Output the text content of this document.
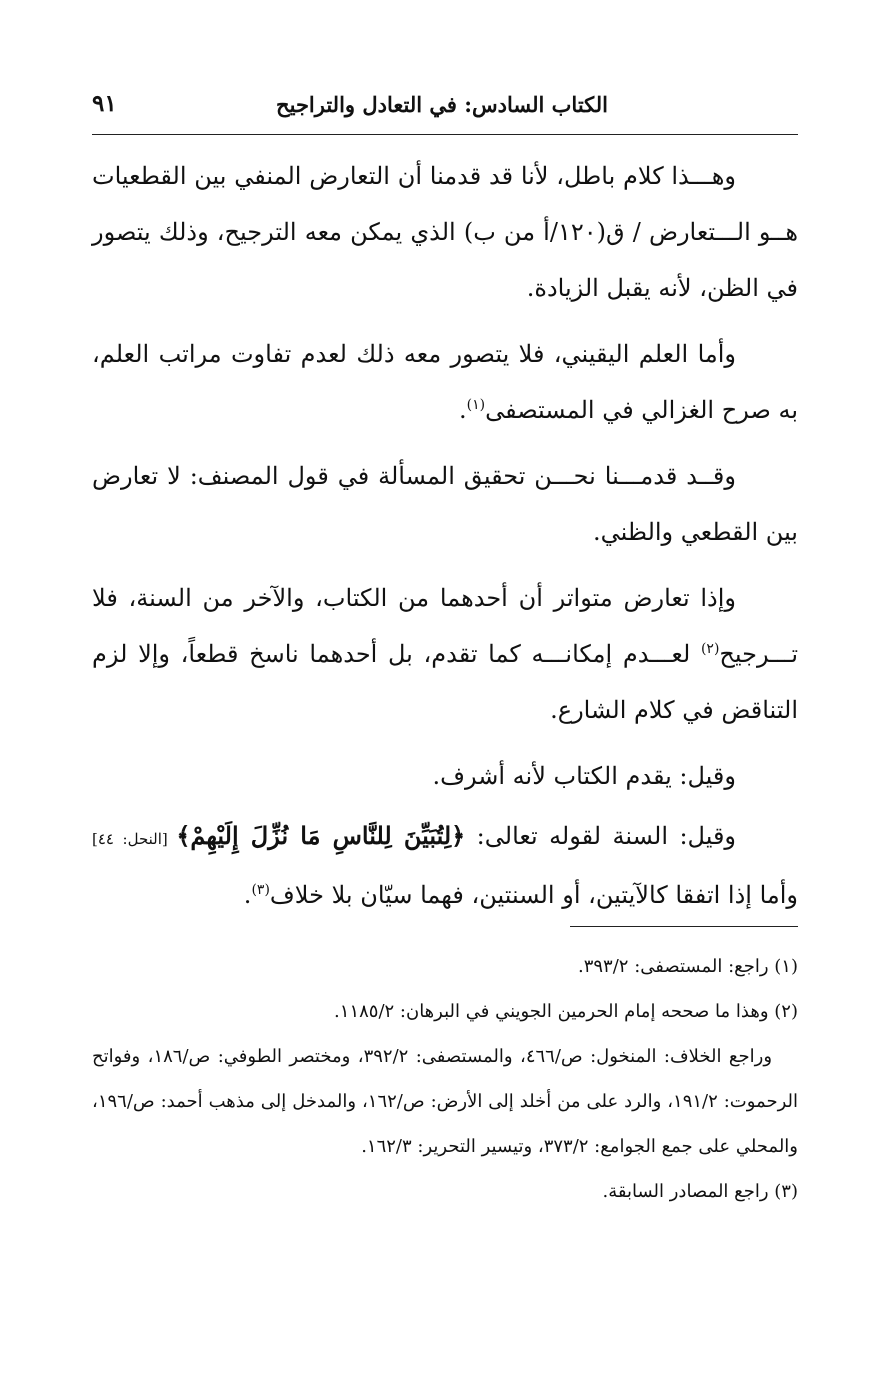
الكتاب السادس: في التعادل والتراجيح
٩١

وهـــذا كلام باطل، لأنا قد قدمنا أن التعارض المنفي بين القطعيات هــو الـــتعارض / ق(١٢٠/أ من ب) الذي يمكن معه الترجيح، وذلك يتصور في الظن، لأنه يقبل الزيادة.

وأما العلم اليقيني، فلا يتصور معه ذلك لعدم تفاوت مراتب العلم، به صرح الغزالي في المستصفى$^{(١)}$.

وقــد قدمـــنا نحـــن تحقيق المسألة في قول المصنف: لا تعارض بين القطعي والظني.

وإذا تعارض متواتر أن أحدهما من الكتاب، والآخر من السنة، فلا تـــرجيح$^{(٢)}$ لعـــدم إمكانـــه كما تقدم، بل أحدهما ناسخ قطعاً، وإلا لزم التناقض في كلام الشارع.

وقيل: يقدم الكتاب لأنه أشرف.

وقيل: السنة لقوله تعالى: ﴿لِتُبَيِّنَ لِلنَّاسِ مَا نُزِّلَ إِلَيْهِمْ﴾ [النحل: ٤٤] وأما إذا اتفقا كالآيتين، أو السنتين، فهما سيّان بلا خلاف$^{(٣)}$.

(١) راجع: المستصفى: ٣٩٣/٢.

(٢) وهذا ما صححه إمام الحرمين الجويني في البرهان: ١١٨٥/٢.

وراجع الخلاف: المنخول: ص/٤٦٦، والمستصفى: ٣٩٢/٢، ومختصر الطوفي: ص/١٨٦، وفواتح الرحموت: ١٩١/٢، والرد على من أخلد إلى الأرض: ص/١٦٢، والمدخل إلى مذهب أحمد: ص/١٩٦، والمحلي على جمع الجوامع: ٣٧٣/٢، وتيسير التحرير: ١٦٢/٣.

(٣) راجع المصادر السابقة.
